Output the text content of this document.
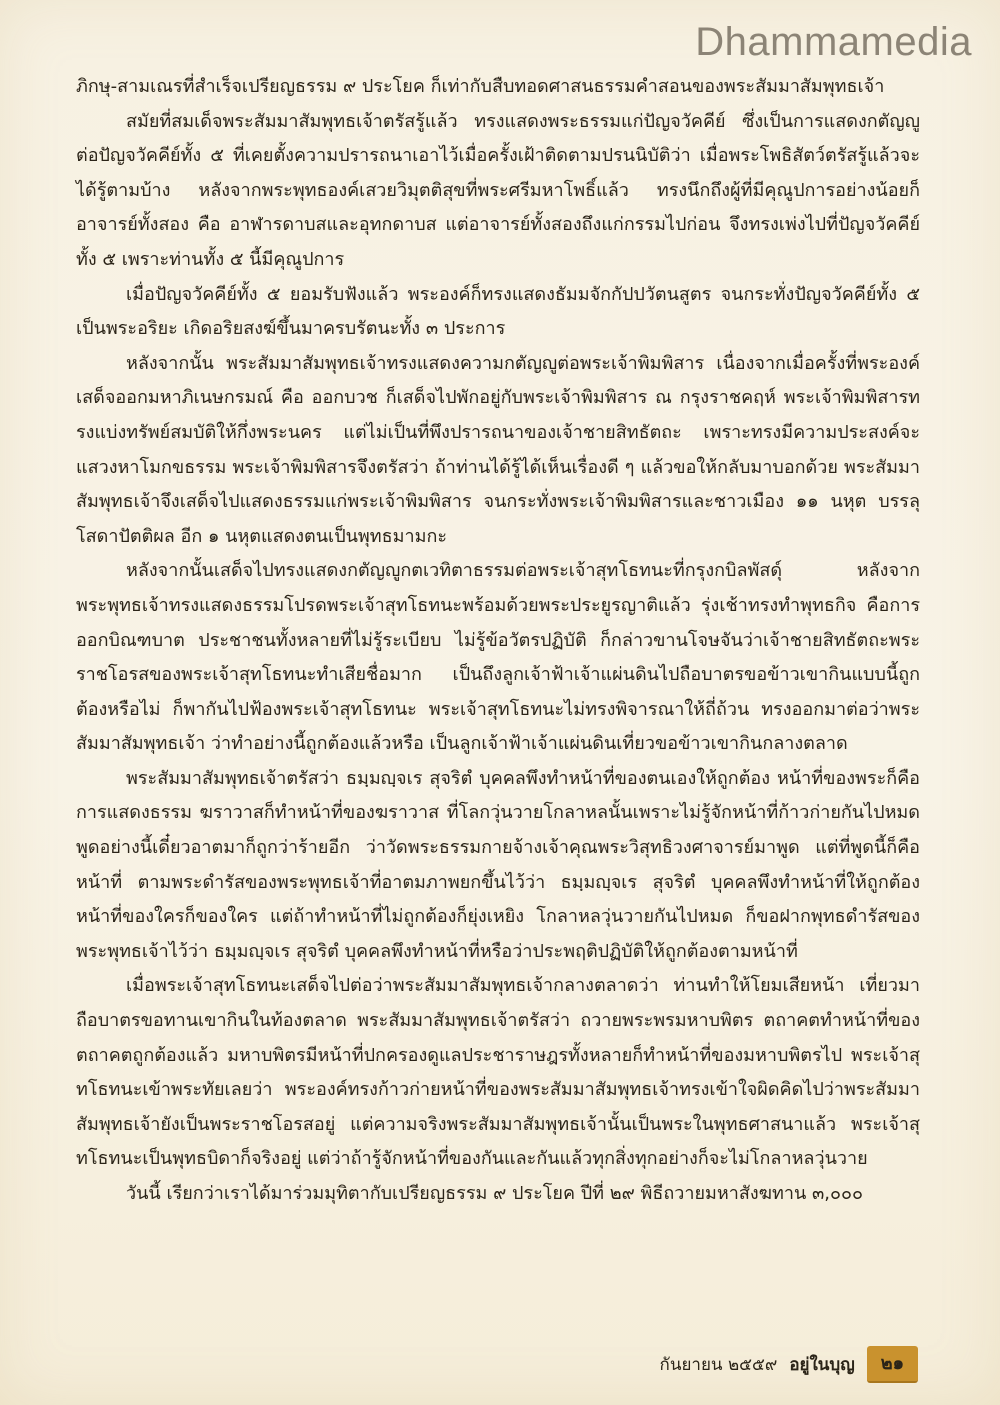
Dhammamedia

ภิกษุ-สามเณรที่สำเร็จเปรียญธรรม ๙ ประโยค ก็เท่ากับสืบทอดศาสนธรรมคำสอนของพระสัมมาสัมพุทธเจ้า

สมัยที่สมเด็จพระสัมมาสัมพุทธเจ้าตรัสรู้แล้ว ทรงแสดงพระธรรมแก่ปัญจวัคคีย์ ซึ่งเป็นการแสดงกตัญญูต่อปัญจวัคคีย์ทั้ง ๕ ที่เคยตั้งความปรารถนาเอาไว้เมื่อครั้งเฝ้าติดตามปรนนิบัติว่า เมื่อพระโพธิสัตว์ตรัสรู้แล้วจะได้รู้ตามบ้าง หลังจากพระพุทธองค์เสวยวิมุตติสุขที่พระศรีมหาโพธิ์แล้ว ทรงนึกถึงผู้ที่มีคุณูปการอย่างน้อยก็อาจารย์ทั้งสอง คือ อาฬารดาบสและอุทกดาบส แต่อาจารย์ทั้งสองถึงแก่กรรมไปก่อน จึงทรงเพ่งไปที่ปัญจวัคคีย์ทั้ง ๕ เพราะท่านทั้ง ๕ นี้มีคุณูปการ

เมื่อปัญจวัคคีย์ทั้ง ๕ ยอมรับฟังแล้ว พระองค์ก็ทรงแสดงธัมมจักกัปปวัตนสูตร จนกระทั่งปัญจวัคคีย์ทั้ง ๕ เป็นพระอริยะ เกิดอริยสงฆ์ขึ้นมาครบรัตนะทั้ง ๓ ประการ

หลังจากนั้น พระสัมมาสัมพุทธเจ้าทรงแสดงความกตัญญูต่อพระเจ้าพิมพิสาร เนื่องจากเมื่อครั้งที่พระองค์เสด็จออกมหาภิเนษกรมณ์ คือ ออกบวช ก็เสด็จไปพักอยู่กับพระเจ้าพิมพิสาร ณ กรุงราชคฤห์ พระเจ้าพิมพิสารทรงแบ่งทรัพย์สมบัติให้กึ่งพระนคร แต่ไม่เป็นที่พึงปรารถนาของเจ้าชายสิทธัตถะ เพราะทรงมีความประสงค์จะแสวงหาโมกขธรรม พระเจ้าพิมพิสารจึงตรัสว่า ถ้าท่านได้รู้ได้เห็นเรื่องดี ๆ แล้วขอให้กลับมาบอกด้วย พระสัมมาสัมพุทธเจ้าจึงเสด็จไปแสดงธรรมแก่พระเจ้าพิมพิสาร จนกระทั่งพระเจ้าพิมพิสารและชาวเมือง ๑๑ นหุต บรรลุโสดาปัตติผล อีก ๑ นหุตแสดงตนเป็นพุทธมามกะ

หลังจากนั้นเสด็จไปทรงแสดงกตัญญูกตเวทิตาธรรมต่อพระเจ้าสุทโธทนะที่กรุงกบิลพัสดุ์ หลังจากพระพุทธเจ้าทรงแสดงธรรมโปรดพระเจ้าสุทโธทนะพร้อมด้วยพระประยูรญาติแล้ว รุ่งเช้าทรงทำพุทธกิจ คือการออกบิณฑบาต ประชาชนทั้งหลายที่ไม่รู้ระเบียบ ไม่รู้ข้อวัตรปฏิบัติ ก็กล่าวขานโจษจันว่าเจ้าชายสิทธัตถะพระราชโอรสของพระเจ้าสุทโธทนะทำเสียชื่อมาก เป็นถึงลูกเจ้าฟ้าเจ้าแผ่นดินไปถือบาตรขอข้าวเขากินแบบนี้ถูกต้องหรือไม่ ก็พากันไปฟ้องพระเจ้าสุทโธทนะ พระเจ้าสุทโธทนะไม่ทรงพิจารณาให้ถี่ถ้วน ทรงออกมาต่อว่าพระสัมมาสัมพุทธเจ้า ว่าทำอย่างนี้ถูกต้องแล้วหรือ เป็นลูกเจ้าฟ้าเจ้าแผ่นดินเที่ยวขอข้าวเขากินกลางตลาด

พระสัมมาสัมพุทธเจ้าตรัสว่า ธมฺมญฺจเร สุจริตํ บุคคลพึงทำหน้าที่ของตนเองให้ถูกต้อง หน้าที่ของพระก็คือ การแสดงธรรม ฆราวาสก็ทำหน้าที่ของฆราวาส ที่โลกวุ่นวายโกลาหลนั้นเพราะไม่รู้จักหน้าที่ก้าวก่ายกันไปหมด พูดอย่างนี้เดี๋ยวอาตมาก็ถูกว่าร้ายอีก ว่าวัดพระธรรมกายจ้างเจ้าคุณพระวิสุทธิวงศาจารย์มาพูด แต่ที่พูดนี้ก็คือหน้าที่ ตามพระดำรัสของพระพุทธเจ้าที่อาตมภาพยกขึ้นไว้ว่า ธมฺมญฺจเร สุจริตํ บุคคลพึงทำหน้าที่ให้ถูกต้อง หน้าที่ของใครก็ของใคร แต่ถ้าทำหน้าที่ไม่ถูกต้องก็ยุ่งเหยิง โกลาหลวุ่นวายกันไปหมด ก็ขอฝากพุทธดำรัสของพระพุทธเจ้าไว้ว่า ธมฺมญฺจเร สุจริตํ บุคคลพึงทำหน้าที่หรือว่าประพฤติปฏิบัติให้ถูกต้องตามหน้าที่

เมื่อพระเจ้าสุทโธทนะเสด็จไปต่อว่าพระสัมมาสัมพุทธเจ้ากลางตลาดว่า ท่านทำให้โยมเสียหน้า เที่ยวมาถือบาตรขอทานเขากินในท้องตลาด พระสัมมาสัมพุทธเจ้าตรัสว่า ถวายพระพรมหาบพิตร ตถาคตทำหน้าที่ของตถาคตถูกต้องแล้ว มหาบพิตรมีหน้าที่ปกครองดูแลประชาราษฎรทั้งหลายก็ทำหน้าที่ของมหาบพิตรไป พระเจ้าสุทโธทนะเข้าพระทัยเลยว่า พระองค์ทรงก้าวก่ายหน้าที่ของพระสัมมาสัมพุทธเจ้าทรงเข้าใจผิดคิดไปว่าพระสัมมาสัมพุทธเจ้ายังเป็นพระราชโอรสอยู่ แต่ความจริงพระสัมมาสัมพุทธเจ้านั้นเป็นพระในพุทธศาสนาแล้ว พระเจ้าสุทโธทนะเป็นพุทธบิดาก็จริงอยู่ แต่ว่าถ้ารู้จักหน้าที่ของกันและกันแล้วทุกสิ่งทุกอย่างก็จะไม่โกลาหลวุ่นวาย

วันนี้ เรียกว่าเราได้มาร่วมมุทิตากับเปรียญธรรม ๙ ประโยค ปีที่ ๒๙ พิธีถวายมหาสังฆทาน ๓,๐๐๐

กันยายน ๒๕๕๙ อยู่ในบุญ	๒๑
